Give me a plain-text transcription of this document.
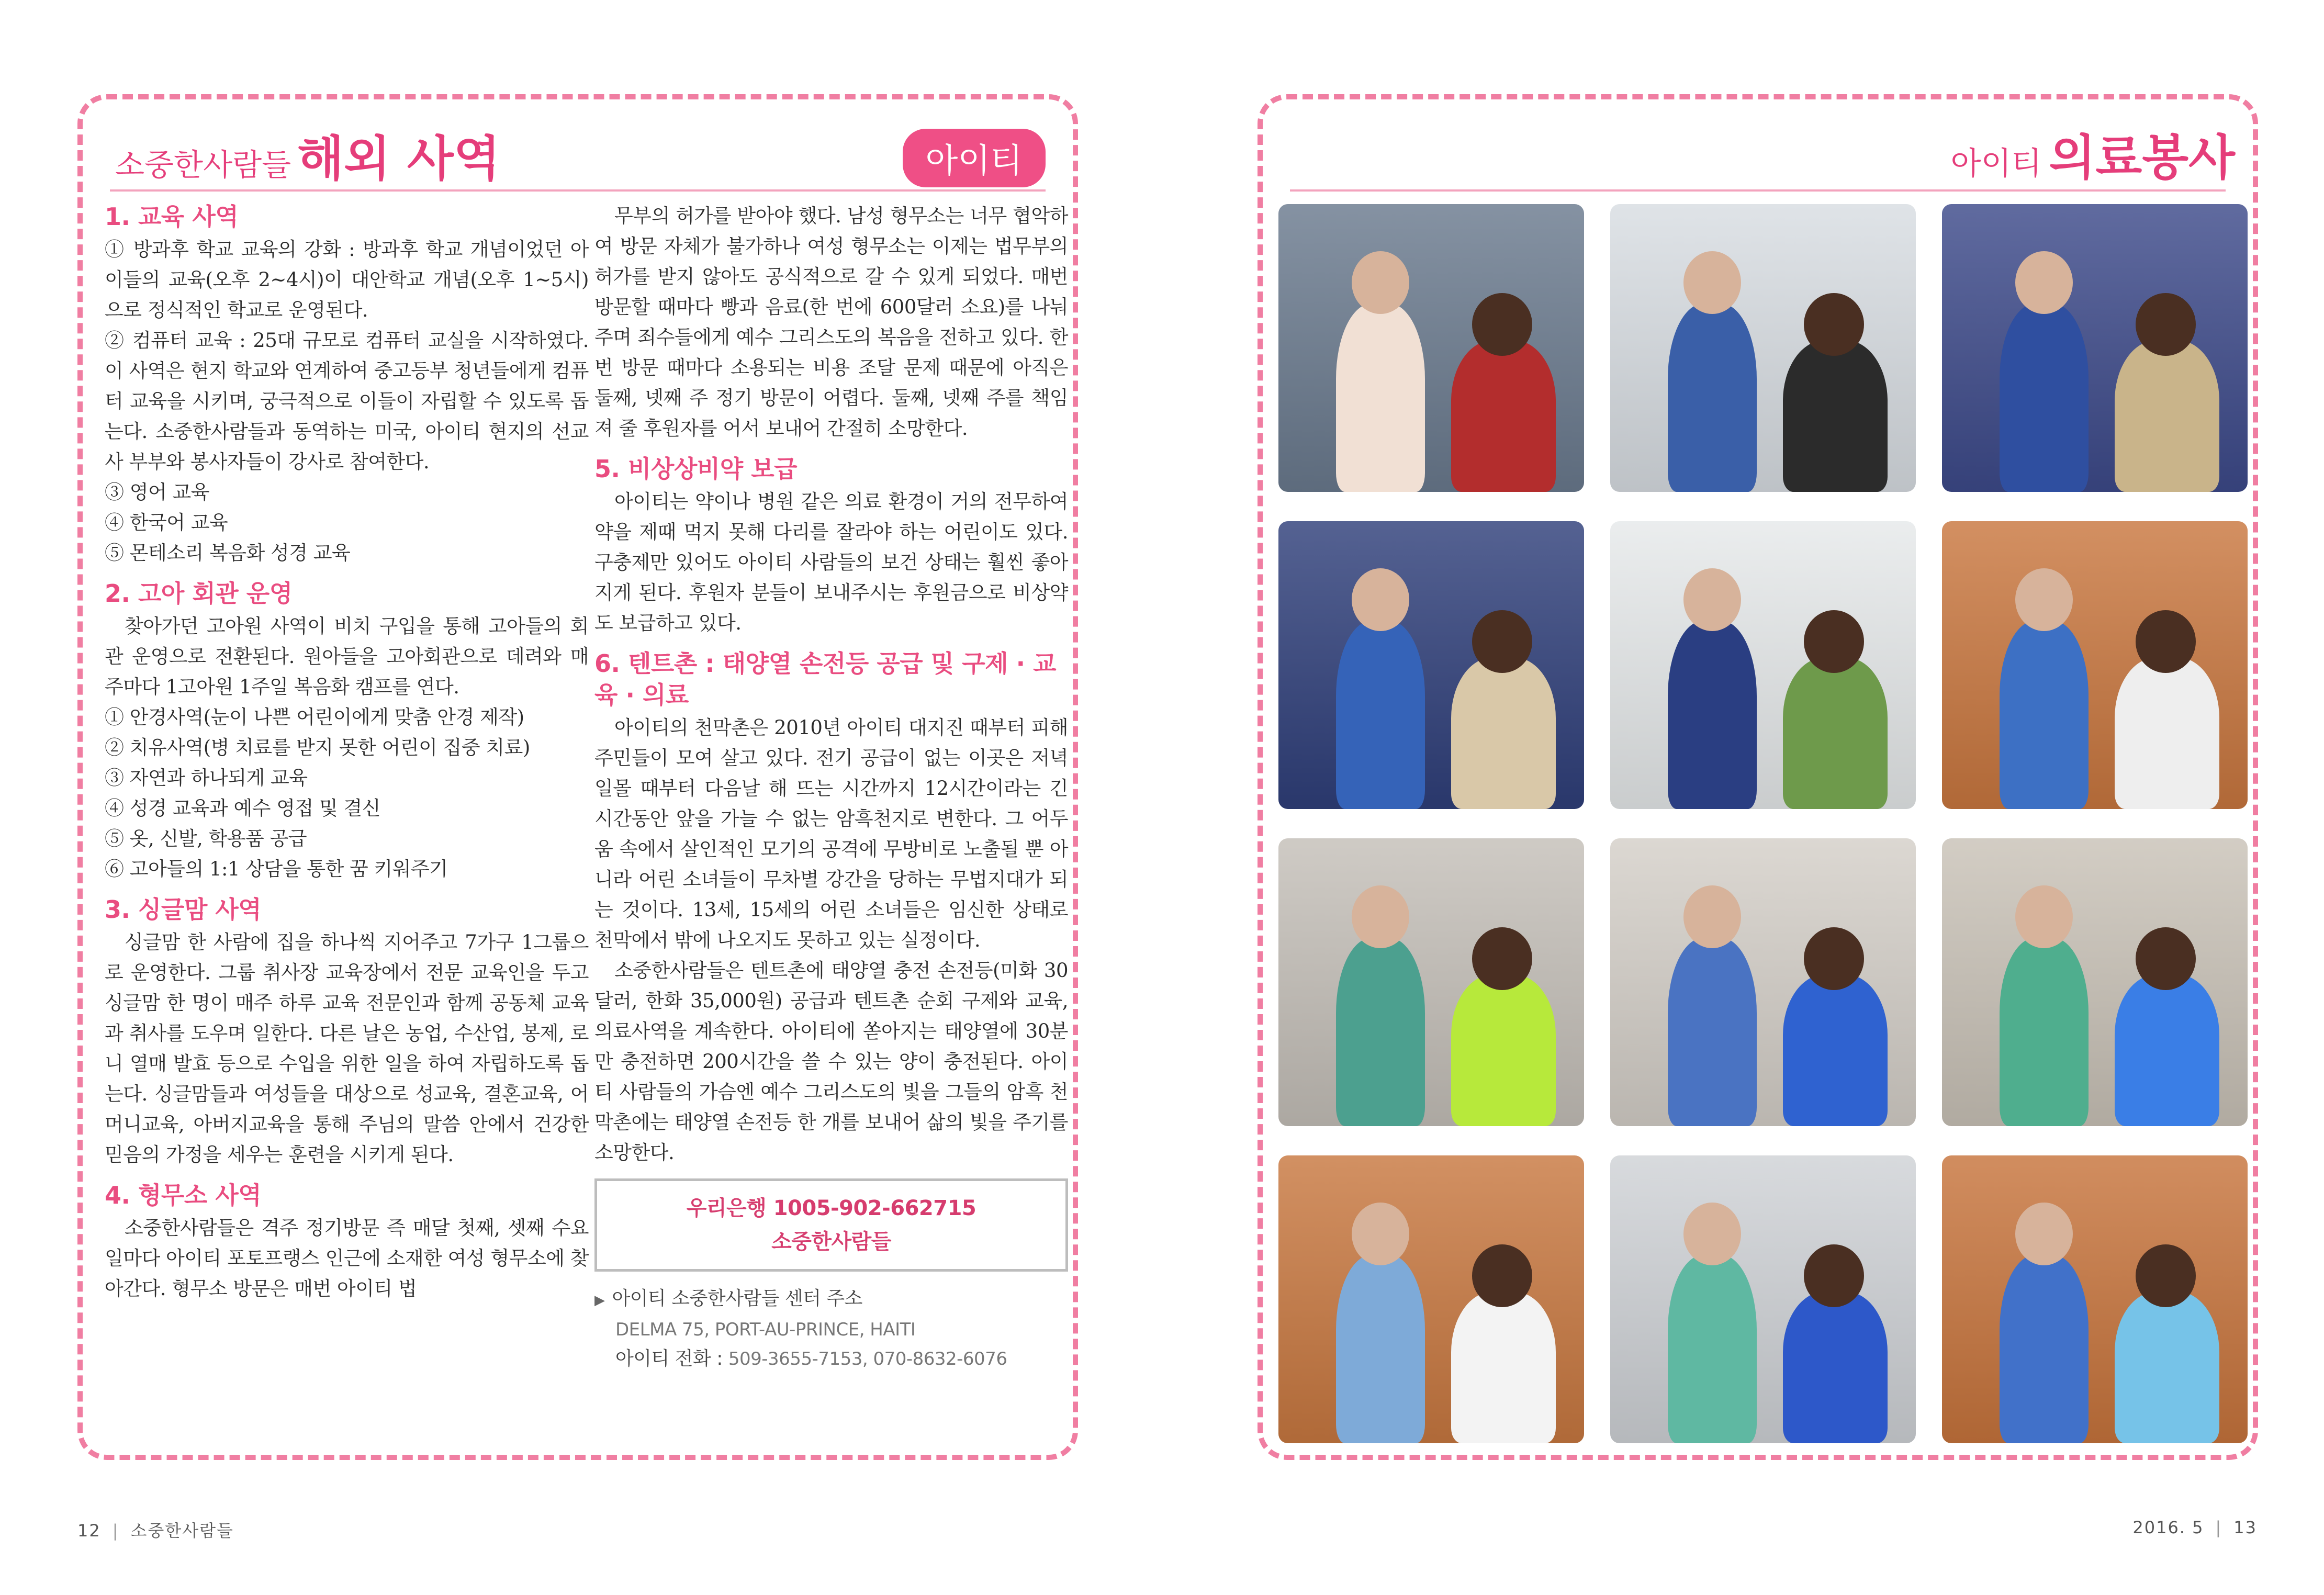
소중한사람들 해외 사역	아이티
1. 교육 사역

① 방과후 학교 교육의 강화 : 방과후 학교 개념이었던 아이들의 교육(오후 2~4시)이 대안학교 개념(오후 1~5시)으로 정식적인 학교로 운영된다.

② 컴퓨터 교육 : 25대 규모로 컴퓨터 교실을 시작하였다. 이 사역은 현지 학교와 연계하여 중고등부 청년들에게 컴퓨터 교육을 시키며, 궁극적으로 이들이 자립할 수 있도록 돕는다. 소중한사람들과 동역하는 미국, 아이티 현지의 선교사 부부와 봉사자들이 강사로 참여한다.

③ 영어 교육

④ 한국어 교육

⑤ 몬테소리 복음화 성경 교육

2. 고아 회관 운영

찾아가던 고아원 사역이 비치 구입을 통해 고아들의 회관 운영으로 전환된다. 원아들을 고아회관으로 데려와 매 주마다 1고아원 1주일 복음화 캠프를 연다.

① 안경사역(눈이 나쁜 어린이에게 맞춤 안경 제작)

② 치유사역(병 치료를 받지 못한 어린이 집중 치료)

③ 자연과 하나되게 교육

④ 성경 교육과 예수 영접 및 결신

⑤ 옷, 신발, 학용품 공급

⑥ 고아들의 1:1 상담을 통한 꿈 키워주기

3. 싱글맘 사역

싱글맘 한 사람에 집을 하나씩 지어주고 7가구 1그룹으로 운영한다. 그룹 취사장 교육장에서 전문 교육인을 두고 싱글맘 한 명이 매주 하루 교육 전문인과 함께 공동체 교육과 취사를 도우며 일한다. 다른 날은 농업, 수산업, 봉제, 로니 열매 발효 등으로 수입을 위한 일을 하여 자립하도록 돕는다. 싱글맘들과 여성들을 대상으로 성교육, 결혼교육, 어머니교육, 아버지교육을 통해 주님의 말씀 안에서 건강한 믿음의 가정을 세우는 훈련을 시키게 된다.

4. 형무소 사역

소중한사람들은 격주 정기방문 즉 매달 첫째, 셋째 수요일마다 아이티 포토프랭스 인근에 소재한 여성 형무소에 찾아간다. 형무소 방문은 매번 아이티 법

무부의 허가를 받아야 했다. 남성 형무소는 너무 협악하여 방문 자체가 불가하나 여성 형무소는 이제는 법무부의 허가를 받지 않아도 공식적으로 갈 수 있게 되었다. 매번 방문할 때마다 빵과 음료(한 번에 600달러 소요)를 나눠 주며 죄수들에게 예수 그리스도의 복음을 전하고 있다. 한 번 방문 때마다 소용되는 비용 조달 문제 때문에 아직은 둘째, 넷째 주 정기 방문이 어렵다. 둘째, 넷째 주를 책임져 줄 후원자를 어서 보내어 간절히 소망한다.

5. 비상상비약 보급

아이티는 약이나 병원 같은 의료 환경이 거의 전무하여 약을 제때 먹지 못해 다리를 잘라야 하는 어린이도 있다. 구충제만 있어도 아이티 사람들의 보건 상태는 훨씬 좋아지게 된다. 후원자 분들이 보내주시는 후원금으로 비상약도 보급하고 있다.

6. 텐트촌 : 태양열 손전등 공급 및 구제 · 교육 · 의료

아이티의 천막촌은 2010년 아이티 대지진 때부터 피해 주민들이 모여 살고 있다. 전기 공급이 없는 이곳은 저녁 일몰 때부터 다음날 해 뜨는 시간까지 12시간이라는 긴 시간동안 앞을 가늘 수 없는 암흑천지로 변한다. 그 어두움 속에서 살인적인 모기의 공격에 무방비로 노출될 뿐 아니라 어린 소녀들이 무차별 강간을 당하는 무법지대가 되는 것이다. 13세, 15세의 어린 소녀들은 임신한 상태로 천막에서 밖에 나오지도 못하고 있는 실정이다.

소중한사람들은 텐트촌에 태양열 충전 손전등(미화 30달러, 한화 35,000원) 공급과 텐트촌 순회 구제와 교육, 의료사역을 계속한다. 아이티에 쏟아지는 태양열에 30분만 충전하면 200시간을 쓸 수 있는 양이 충전된다. 아이티 사람들의 가슴엔 예수 그리스도의 빛을 그들의 암흑 천막촌에는 태양열 손전등 한 개를 보내어 삶의 빛을 주기를 소망한다.

우리은행 1005-902-662715
소중한사람들
▶ 아이티 소중한사람들 센터 주소
DELMA 75, PORT-AU-PRINCE, HAITI
아이티 전화 : 509-3655-7153, 070-8632-6076
아이티 의료봉사
12 | 소중한사람들	2016. 5 | 13
